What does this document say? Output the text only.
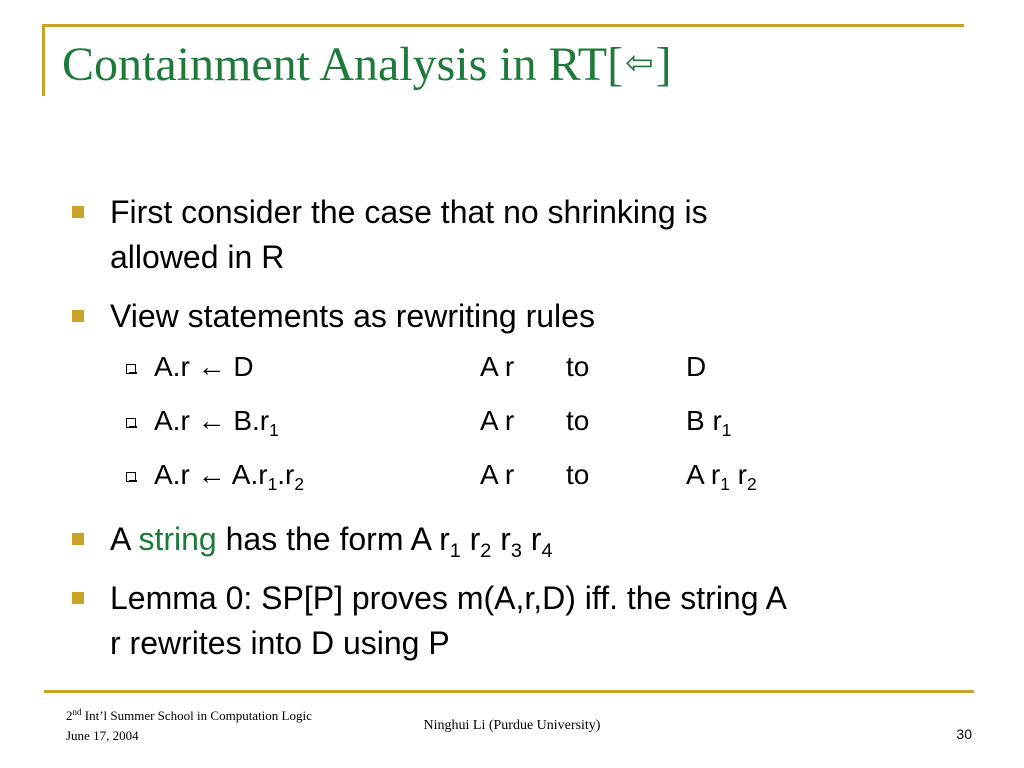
Containment Analysis in RT[⇦]
First consider the case that no shrinking is
allowed in R
View statements as rewriting rules
A.r ← D	A r to	D
A.r ← $B.r_1$	A r to	B $r_1$
A.r ← $A.r_1.r_2$	A r to	A $r_1$ $r_2$
A string has the form A $r_1$ $r_2$ $r_3$ $r_4$
Lemma 0: SP[P] proves m(A,r,D) iff. the string A
r rewrites into D using P
2nd Int’l Summer School in Computation Logic
June 17, 2004
Ninghui Li (Purdue University)
30
